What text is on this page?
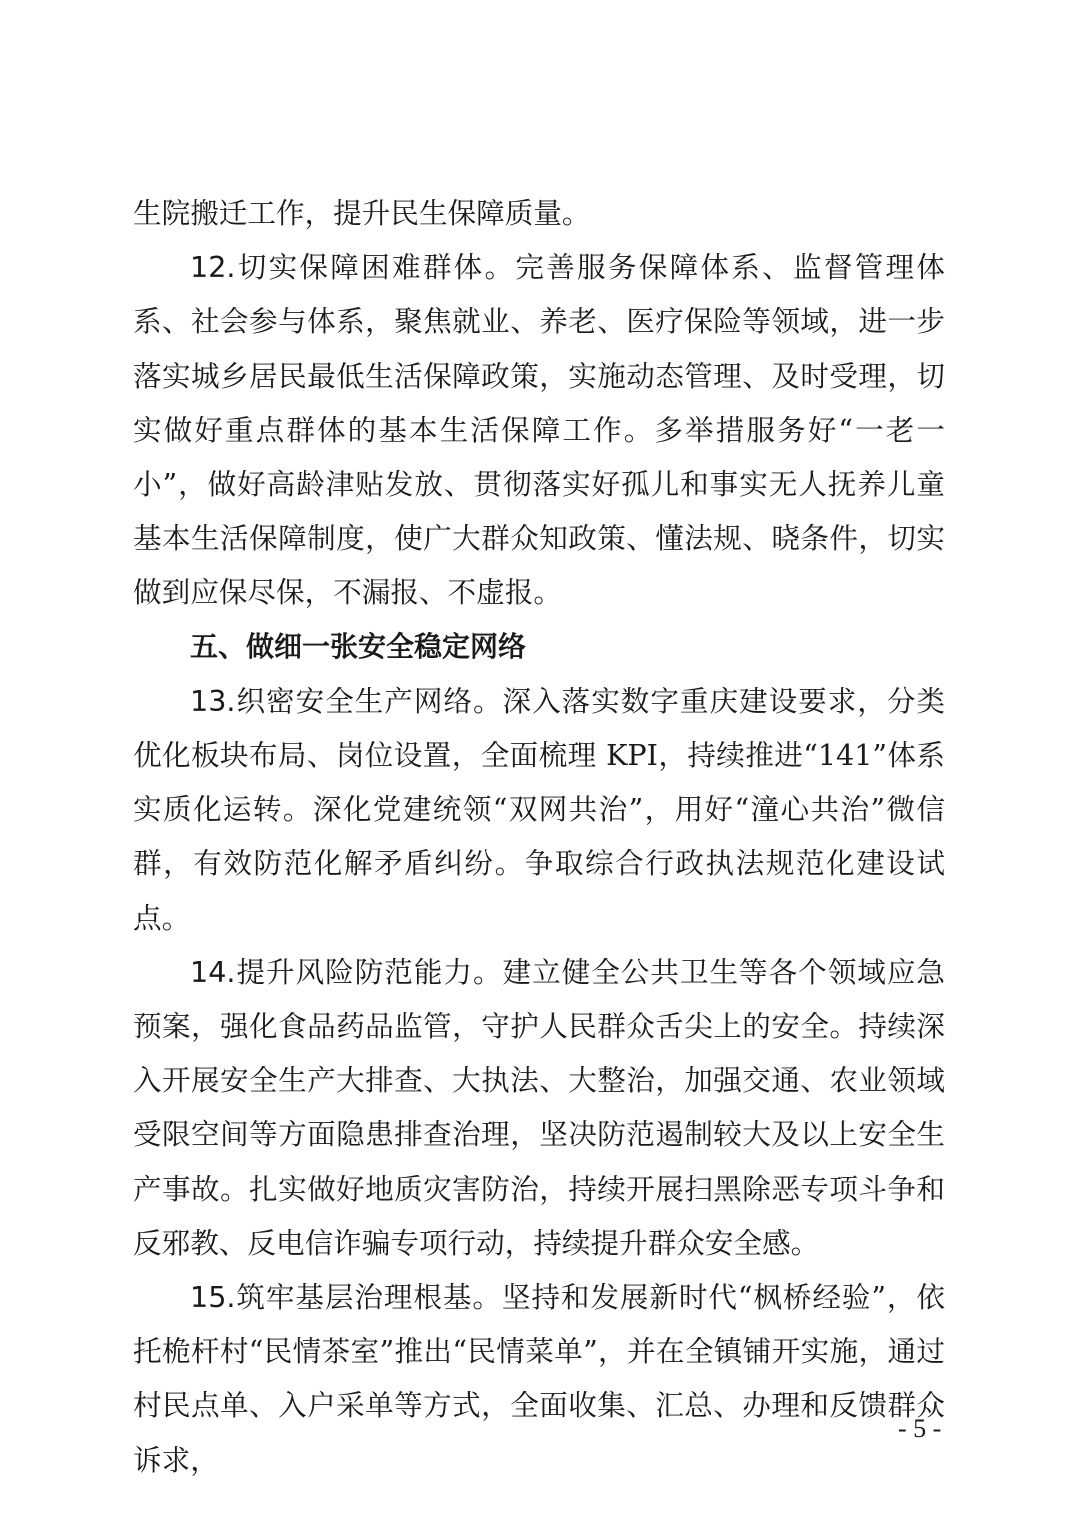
生院搬迁工作，提升民生保障质量。

12.切实保障困难群体。完善服务保障体系、监督管理体系、社会参与体系，聚焦就业、养老、医疗保险等领域，进一步落实城乡居民最低生活保障政策，实施动态管理、及时受理，切实做好重点群体的基本生活保障工作。多举措服务好“一老一小”，做好高龄津贴发放、贯彻落实好孤儿和事实无人抚养儿童基本生活保障制度，使广大群众知政策、懂法规、晓条件，切实做到应保尽保，不漏报、不虚报。

五、做细一张安全稳定网络

13.织密安全生产网络。深入落实数字重庆建设要求，分类优化板块布局、岗位设置，全面梳理 KPI，持续推进“141”体系实质化运转。深化党建统领“双网共治”，用好“潼心共治”微信群，有效防范化解矛盾纠纷。争取综合行政执法规范化建设试点。

14.提升风险防范能力。建立健全公共卫生等各个领域应急预案，强化食品药品监管，守护人民群众舌尖上的安全。持续深入开展安全生产大排查、大执法、大整治，加强交通、农业领域受限空间等方面隐患排查治理，坚决防范遏制较大及以上安全生产事故。扎实做好地质灾害防治，持续开展扫黑除恶专项斗争和反邪教、反电信诈骗专项行动，持续提升群众安全感。

15.筑牢基层治理根基。坚持和发展新时代“枫桥经验”，依托桅杆村“民情茶室”推出“民情菜单”，并在全镇铺开实施，通过村民点单、入户采单等方式，全面收集、汇总、办理和反馈群众诉求，

- 5 -
